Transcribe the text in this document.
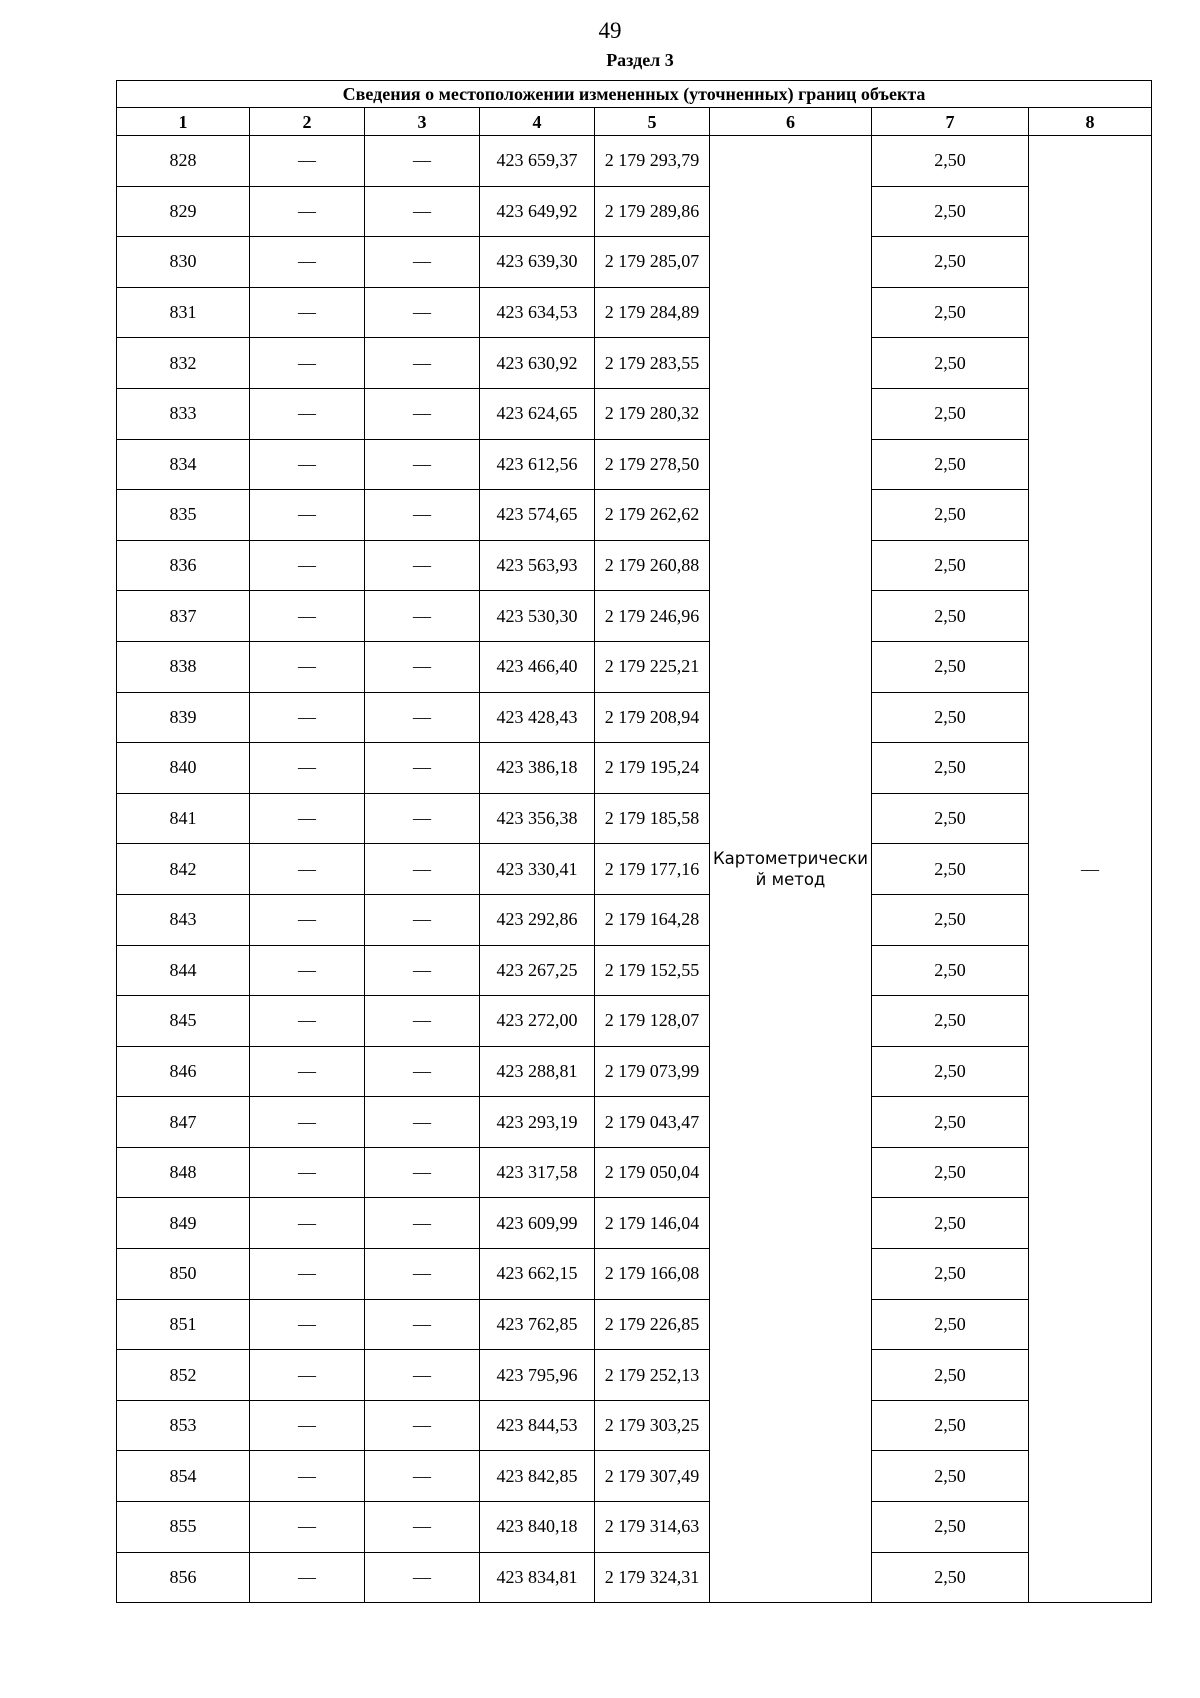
49
Раздел 3
Сведения о местоположении измененных (уточненных) границ объекта							
1	2	3	4	5	6	7	8
828	—	—	423 659,37	2 179 293,79	Картометрический метод	2,50	—
829	—	—	423 649,92	2 179 289,86		2,50	
830	—	—	423 639,30	2 179 285,07		2,50	
831	—	—	423 634,53	2 179 284,89		2,50	
832	—	—	423 630,92	2 179 283,55		2,50	
833	—	—	423 624,65	2 179 280,32		2,50	
834	—	—	423 612,56	2 179 278,50		2,50	
835	—	—	423 574,65	2 179 262,62		2,50	
836	—	—	423 563,93	2 179 260,88		2,50	
837	—	—	423 530,30	2 179 246,96		2,50	
838	—	—	423 466,40	2 179 225,21		2,50	
839	—	—	423 428,43	2 179 208,94		2,50	
840	—	—	423 386,18	2 179 195,24		2,50	
841	—	—	423 356,38	2 179 185,58		2,50	
842	—	—	423 330,41	2 179 177,16		2,50	
843	—	—	423 292,86	2 179 164,28		2,50	
844	—	—	423 267,25	2 179 152,55		2,50	
845	—	—	423 272,00	2 179 128,07		2,50	
846	—	—	423 288,81	2 179 073,99		2,50	
847	—	—	423 293,19	2 179 043,47		2,50	
848	—	—	423 317,58	2 179 050,04		2,50	
849	—	—	423 609,99	2 179 146,04		2,50	
850	—	—	423 662,15	2 179 166,08		2,50	
851	—	—	423 762,85	2 179 226,85		2,50	
852	—	—	423 795,96	2 179 252,13		2,50	
853	—	—	423 844,53	2 179 303,25		2,50	
854	—	—	423 842,85	2 179 307,49		2,50	
855	—	—	423 840,18	2 179 314,63		2,50	
856	—	—	423 834,81	2 179 324,31		2,50	
